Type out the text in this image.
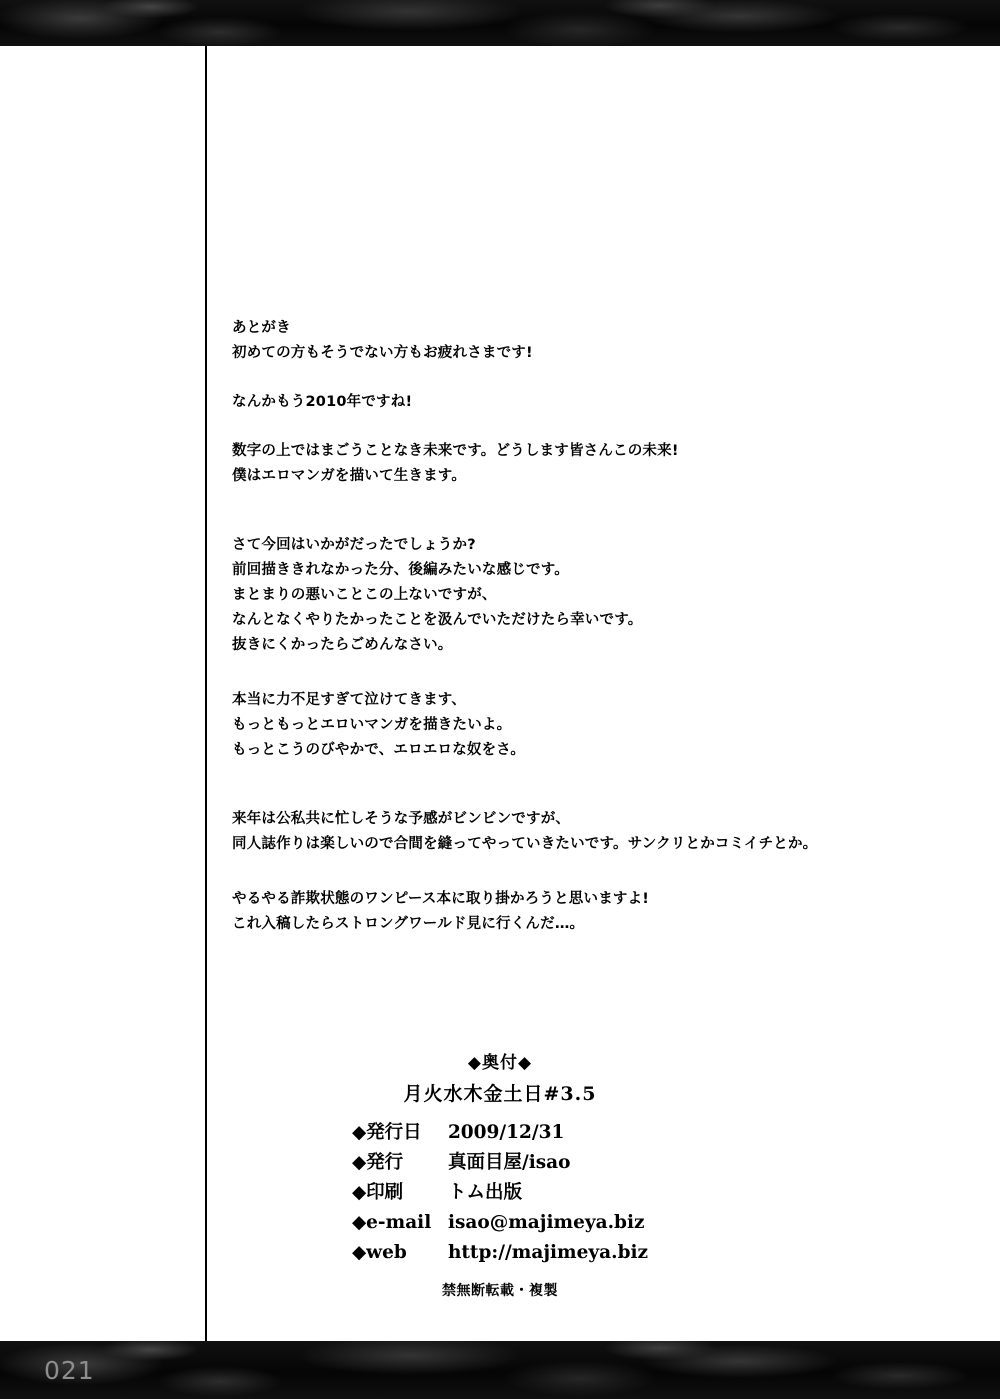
021

あとがき

初めての方もそうでない方もお疲れさまです!

なんかもう2010年ですね!

数字の上ではまごうことなき未来です。どうします皆さんこの未来!

僕はエロマンガを描いて生きます。

さて今回はいかがだったでしょうか?

前回描ききれなかった分、後編みたいな感じです。

まとまりの悪いことこの上ないですが、

なんとなくやりたかったことを汲んでいただけたら幸いです。

抜きにくかったらごめんなさい。

本当に力不足すぎて泣けてきます、

もっともっとエロいマンガを描きたいよ。

もっとこうのびやかで、エロエロな奴をさ。

来年は公私共に忙しそうな予感がビンビンですが、

同人誌作りは楽しいので合間を縫ってやっていきたいです。サンクリとかコミイチとか。

やるやる詐欺状態のワンピース本に取り掛かろうと思いますよ!

これ入稿したらストロングワールド見に行くんだ…。

◆奥付◆
月火水木金土日#3.5
◆発行日 2009/12/31
◆発行 真面目屋/isao
◆印刷 トム出版
◆e-mail isao@majimeya.biz
◆web http://majimeya.biz
禁無断転載・複製
